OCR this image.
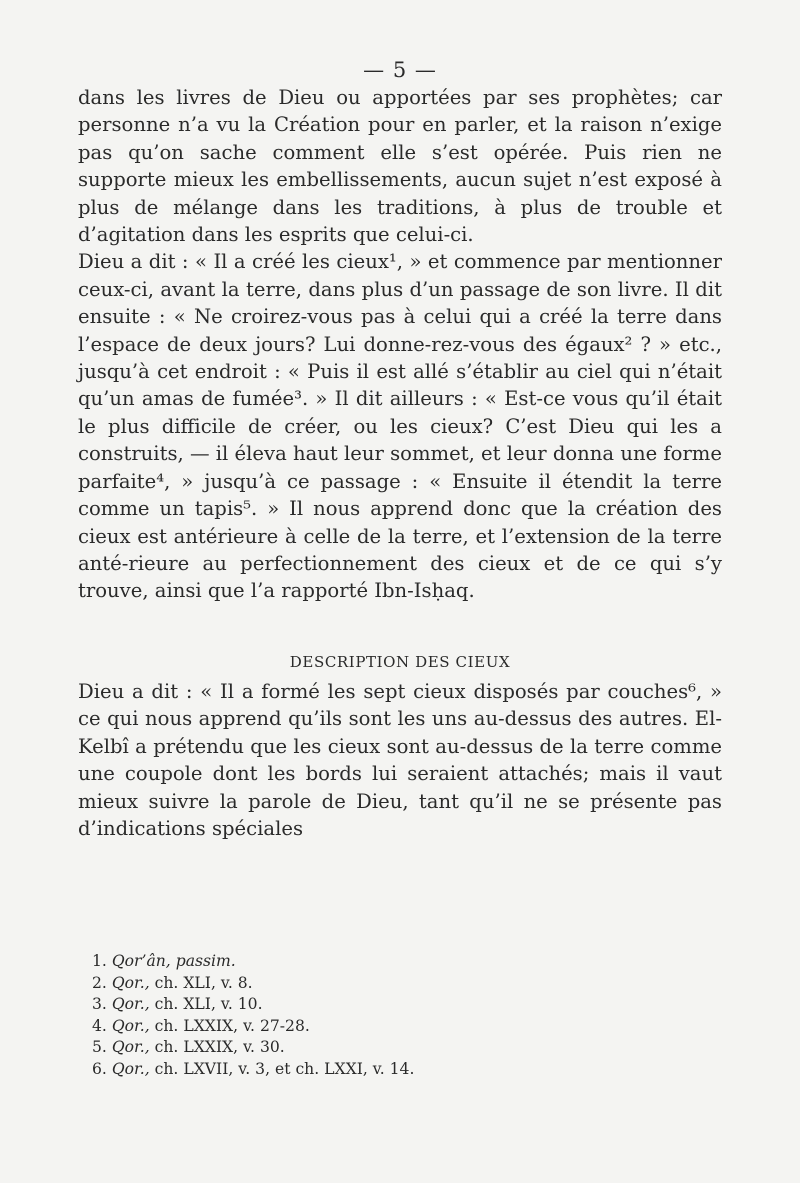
— 5 —

dans les livres de Dieu ou apportées par ses prophètes; car personne n’a vu la Création pour en parler, et la raison n’exige pas qu’on sache comment elle s’est opérée. Puis rien ne supporte mieux les embellissements, aucun sujet n’est exposé à plus de mélange dans les traditions, à plus de trouble et d’agitation dans les esprits que celui-ci.

Dieu a dit : « Il a créé les cieux¹, » et commence par mentionner ceux-ci, avant la terre, dans plus d’un passage de son livre. Il dit ensuite : « Ne croirez-vous pas à celui qui a créé la terre dans l’espace de deux jours? Lui donne-rez-vous des égaux² ? » etc., jusqu’à cet endroit : « Puis il est allé s’établir au ciel qui n’était qu’un amas de fumée³. » Il dit ailleurs : « Est-ce vous qu’il était le plus difficile de créer, ou les cieux? C’est Dieu qui les a construits, — il éleva haut leur sommet, et leur donna une forme parfaite⁴, » jusqu’à ce passage : « Ensuite il étendit la terre comme un tapis⁵. » Il nous apprend donc que la création des cieux est antérieure à celle de la terre, et l’extension de la terre anté-rieure au perfectionnement des cieux et de ce qui s’y trouve, ainsi que l’a rapporté Ibn-Isḥaq.

DESCRIPTION DES CIEUX

Dieu a dit : « Il a formé les sept cieux disposés par couches⁶, » ce qui nous apprend qu’ils sont les uns au-dessus des autres. El-Kelbî a prétendu que les cieux sont au-dessus de la terre comme une coupole dont les bords lui seraient attachés; mais il vaut mieux suivre la parole de Dieu, tant qu’il ne se présente pas d’indications spéciales

1. Qor’ân, passim.
2. Qor., ch. XLI, v. 8.
3. Qor., ch. XLI, v. 10.
4. Qor., ch. LXXIX, v. 27-28.
5. Qor., ch. LXXIX, v. 30.
6. Qor., ch. LXVII, v. 3, et ch. LXXI, v. 14.
